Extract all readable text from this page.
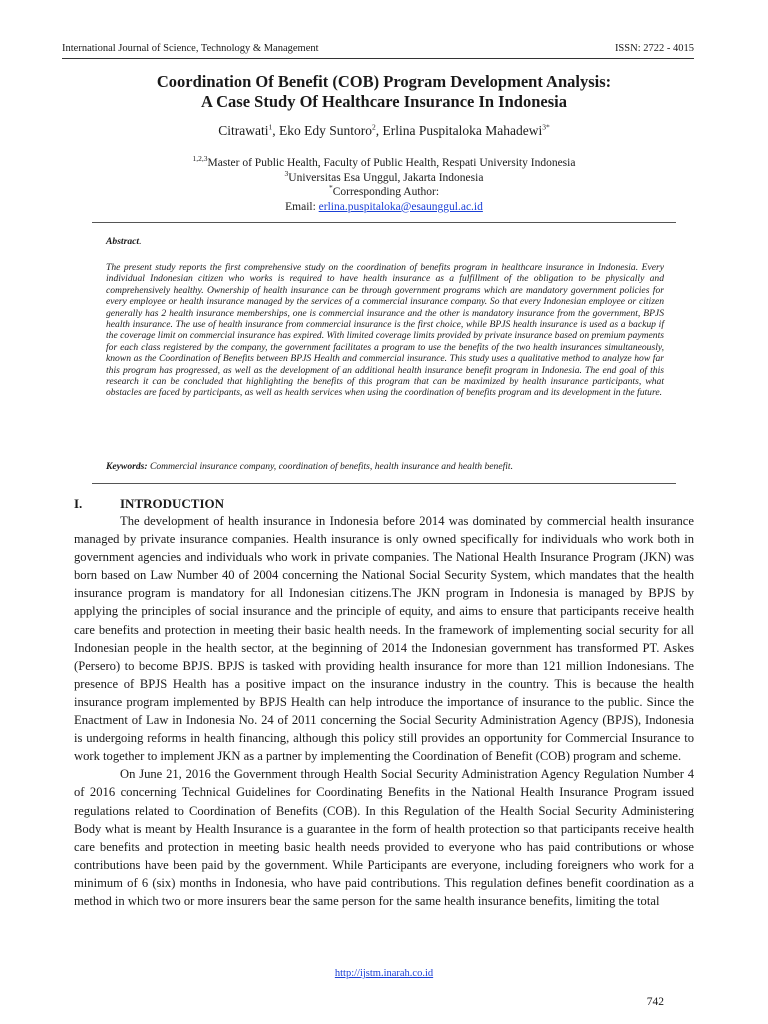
International Journal of Science, Technology & Management	ISSN: 2722 - 4015
Coordination Of Benefit (COB) Program Development Analysis:
A Case Study Of Healthcare Insurance In Indonesia
Citrawati$^1$, Eko Edy Suntoro$^2$, Erlina Puspitaloka Mahadewi$^{3*}$
$^{1,2,3}$Master of Public Health, Faculty of Public Health, Respati University Indonesia
$^3$Universitas Esa Unggul, Jakarta Indonesia
*Corresponding Author:
Email: erlina.puspitaloka@esaunggul.ac.id
Abstract.
The present study reports the first comprehensive study on the coordination of benefits program in healthcare insurance in Indonesia. Every individual Indonesian citizen who works is required to have health insurance as a fulfillment of the obligation to be physically and comprehensively healthy. Ownership of health insurance can be through government programs which are mandatory government policies for every employee or health insurance managed by the services of a commercial insurance company. So that every Indonesian employee or citizen generally has 2 health insurance memberships, one is commercial insurance and the other is mandatory insurance from the government, BPJS health insurance. The use of health insurance from commercial insurance is the first choice, while BPJS health insurance is used as a backup if the coverage limit on commercial insurance has expired. With limited coverage limits provided by private insurance based on premium payments for each class registered by the company, the government facilitates a program to use the benefits of the two health insurances simultaneously, known as the Coordination of Benefits between BPJS Health and commercial insurance. This study uses a qualitative method to analyze how far this program has progressed, as well as the development of an additional health insurance benefit program in Indonesia. The end goal of this research it can be concluded that highlighting the benefits of this program that can be maximized by health insurance participants, what obstacles are faced by participants, as well as health services when using the coordination of benefits program and its development in the future.
Keywords: Commercial insurance company, coordination of benefits, health insurance and health benefit.
I.	INTRODUCTION

The development of health insurance in Indonesia before 2014 was dominated by commercial health insurance managed by private insurance companies. Health insurance is only owned specifically for individuals who work both in government agencies and individuals who work in private companies. The National Health Insurance Program (JKN) was born based on Law Number 40 of 2004 concerning the National Social Security System, which mandates that the health insurance program is mandatory for all Indonesian citizens.The JKN program in Indonesia is managed by BPJS by applying the principles of social insurance and the principle of equity, and aims to ensure that participants receive health care benefits and protection in meeting their basic health needs. In the framework of implementing social security for all Indonesian people in the health sector, at the beginning of 2014 the Indonesian government has transformed PT. Askes (Persero) to become BPJS. BPJS is tasked with providing health insurance for more than 121 million Indonesians. The presence of BPJS Health has a positive impact on the insurance industry in the country. This is because the health insurance program implemented by BPJS Health can help introduce the importance of insurance to the public. Since the Enactment of Law in Indonesia No. 24 of 2011 concerning the Social Security Administration Agency (BPJS), Indonesia is undergoing reforms in health financing, although this policy still provides an opportunity for Commercial Insurance to work together to implement JKN as a partner by implementing the Coordination of Benefit (COB) program and scheme.

On June 21, 2016 the Government through Health Social Security Administration Agency Regulation Number 4 of 2016 concerning Technical Guidelines for Coordinating Benefits in the National Health Insurance Program issued regulations related to Coordination of Benefits (COB). In this Regulation of the Health Social Security Administering Body what is meant by Health Insurance is a guarantee in the form of health protection so that participants receive health care benefits and protection in meeting basic health needs provided to everyone who has paid contributions or whose contributions have been paid by the government. While Participants are everyone, including foreigners who work for a minimum of 6 (six) months in Indonesia, who have paid contributions. This regulation defines benefit coordination as a method in which two or more insurers bear the same person for the same health insurance benefits, limiting the total

http://ijstm.inarah.co.id
742
